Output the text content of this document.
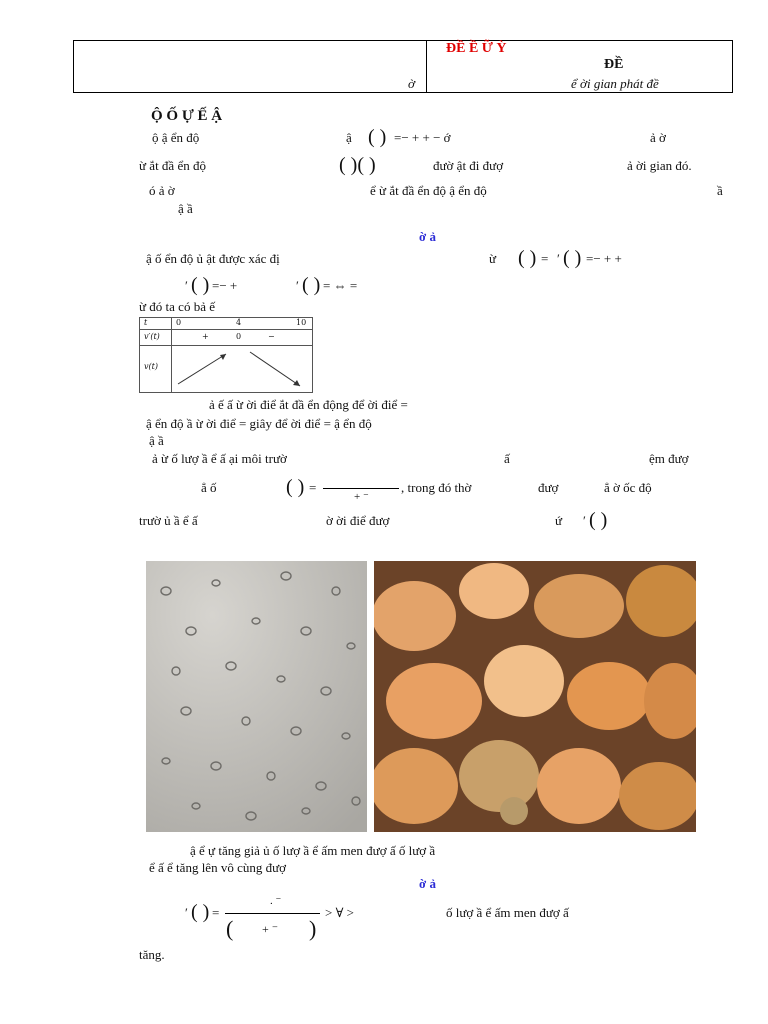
ĐỀ Ề Ữ Ỳ
ĐỀ
ờ	ể ời gian phát đề
Ộ Ố Ự Ế Ậ
ộ ậ ển độ	ậ ( ) =− + + − ớ	ả ờ
ừ ắt đầ ển độ	( )( )	đườ ật đi đượ	ả ời gian đó.
ó ả ờ	ể ừ ắt đầ ển độ ậ ển độ	ầ
ậ ầ
ờ ả
ậ ố ển độ ủ ật được xác đị	ừ ( ) = ′ ( ) =− + +
′ ( ) =− +	′ ( ) = ⇔ =
ừ đó ta có bả ế
t	0	4	10
v′(t)	+	0	−
v(t)
ả ế ấ ừ ời điể ắt đầ ển động để ời điể =
ậ ển độ ầ ừ ời điể = giây để ời điể = ậ ển độ
ậ ầ
ả ừ ố lượ ầ ể ấ ại môi trườ	ấ	ệm đượ
ẳ ố	( ) =
+ ⁻
, trong đó thờ	đượ	ẳ ờ ốc độ
trườ ủ ầ ể ấ	ờ ời điể đượ	ứ ′ ( )
ậ ể ự tăng giả ủ ố lượ ầ ể ấm men đượ ấ ố lượ ầ
ể ấ ể tăng lên vô cùng đượ
ờ ả
′ ( ) =
. ⁻
( + ⁻ )
> ∀ >	ố lượ ầ ể ấm men đượ ấ
tăng.
